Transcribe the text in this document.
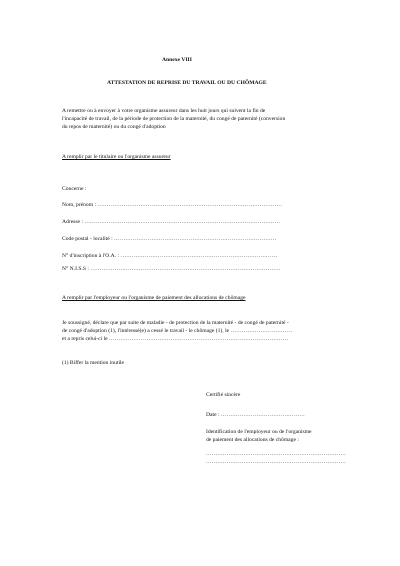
Annexe VIII
ATTESTATION DE REPRISE DU TRAVAIL OU DU CHÔMAGE
A remettre ou à envoyer à votre organisme assureur dans les huit jours qui suivent la fin de
l'incapacité de travail, de la période de protection de la maternité, du congé de paternité (conversion
du repos de maternité) ou du congé d'adoption
A remplir par le titulaire ou l'organisme assureur
Concerne :
Nom, prénom : ………………………………………………………………………………………
Adresse : ……………………………………………………………………………………………
Code postal - localité : ……………………………………………………………………………
N° d'inscription à l'O.A. : …………………………………………………………………………
N° N.I.S.S : …………………………………………………………………………………………
A remplir par l'employeur ou l'organisme de paiement des allocations de chômage
Je soussigné, déclare que par suite de maladie - de protection de la maternité - de congé de paternité -
de congé d'adoption (1), l'intéressé(e) a cessé le travail - le chômage (1), le ……………………………
et a repris celui-ci le ……………………………………………………………………………………
(1) Biffer la mention inutile
Certifié sincère
Date : ………………………………………
Identification de l'employeur ou de l'organisme
de paiement des allocations de chômage :
…………………………………………………………………
…………………………………………………………………
